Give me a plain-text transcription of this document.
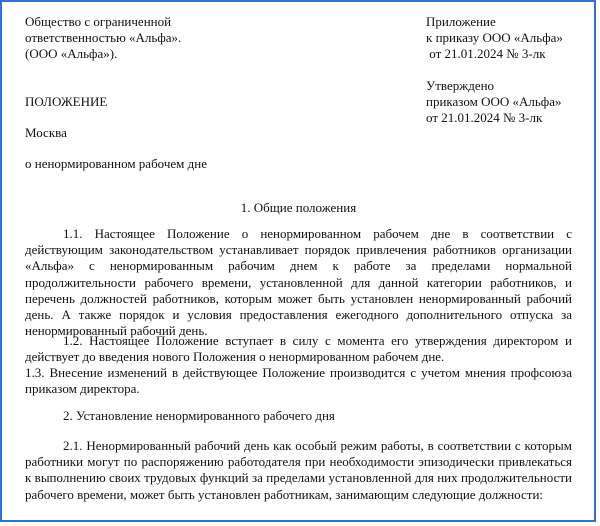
Общество с ограниченной
ответственностью «Альфа».
(ООО «Альфа»).
Приложение
к приказу ООО «Альфа»
от 21.01.2024 № 3-лк
Утверждено
приказом ООО «Альфа»
от 21.01.2024 № 3-лк
ПОЛОЖЕНИЕ
Москва
о ненормированном рабочем дне
1. Общие положения
1.1. Настоящее Положение о ненормированном рабочем дне в соответствии с действующим законодательством устанавливает порядок привлечения работников организации «Альфа» с ненормированным рабочим днем к работе за пределами нормальной продолжительности рабочего времени, установленной для данной категории работников, и перечень должностей работников, которым может быть установлен ненормированный рабочий день. А также порядок и условия предоставления ежегодного дополнительного отпуска за ненормированный рабочий день.
1.2. Настоящее Положение вступает в силу с момента его утверждения директором и действует до введения нового Положения о ненормированном рабочем дне.
1.3. Внесение изменений в действующее Положение производится с учетом мнения профсоюза приказом директора.
2. Установление ненормированного рабочего дня
2.1. Ненормированный рабочий день как особый режим работы, в соответствии с которым работники могут по распоряжению работодателя при необходимости эпизодически привлекаться к выполнению своих трудовых функций за пределами установленной для них продолжительности рабочего времени, может быть установлен работникам, занимающим следующие должности:
